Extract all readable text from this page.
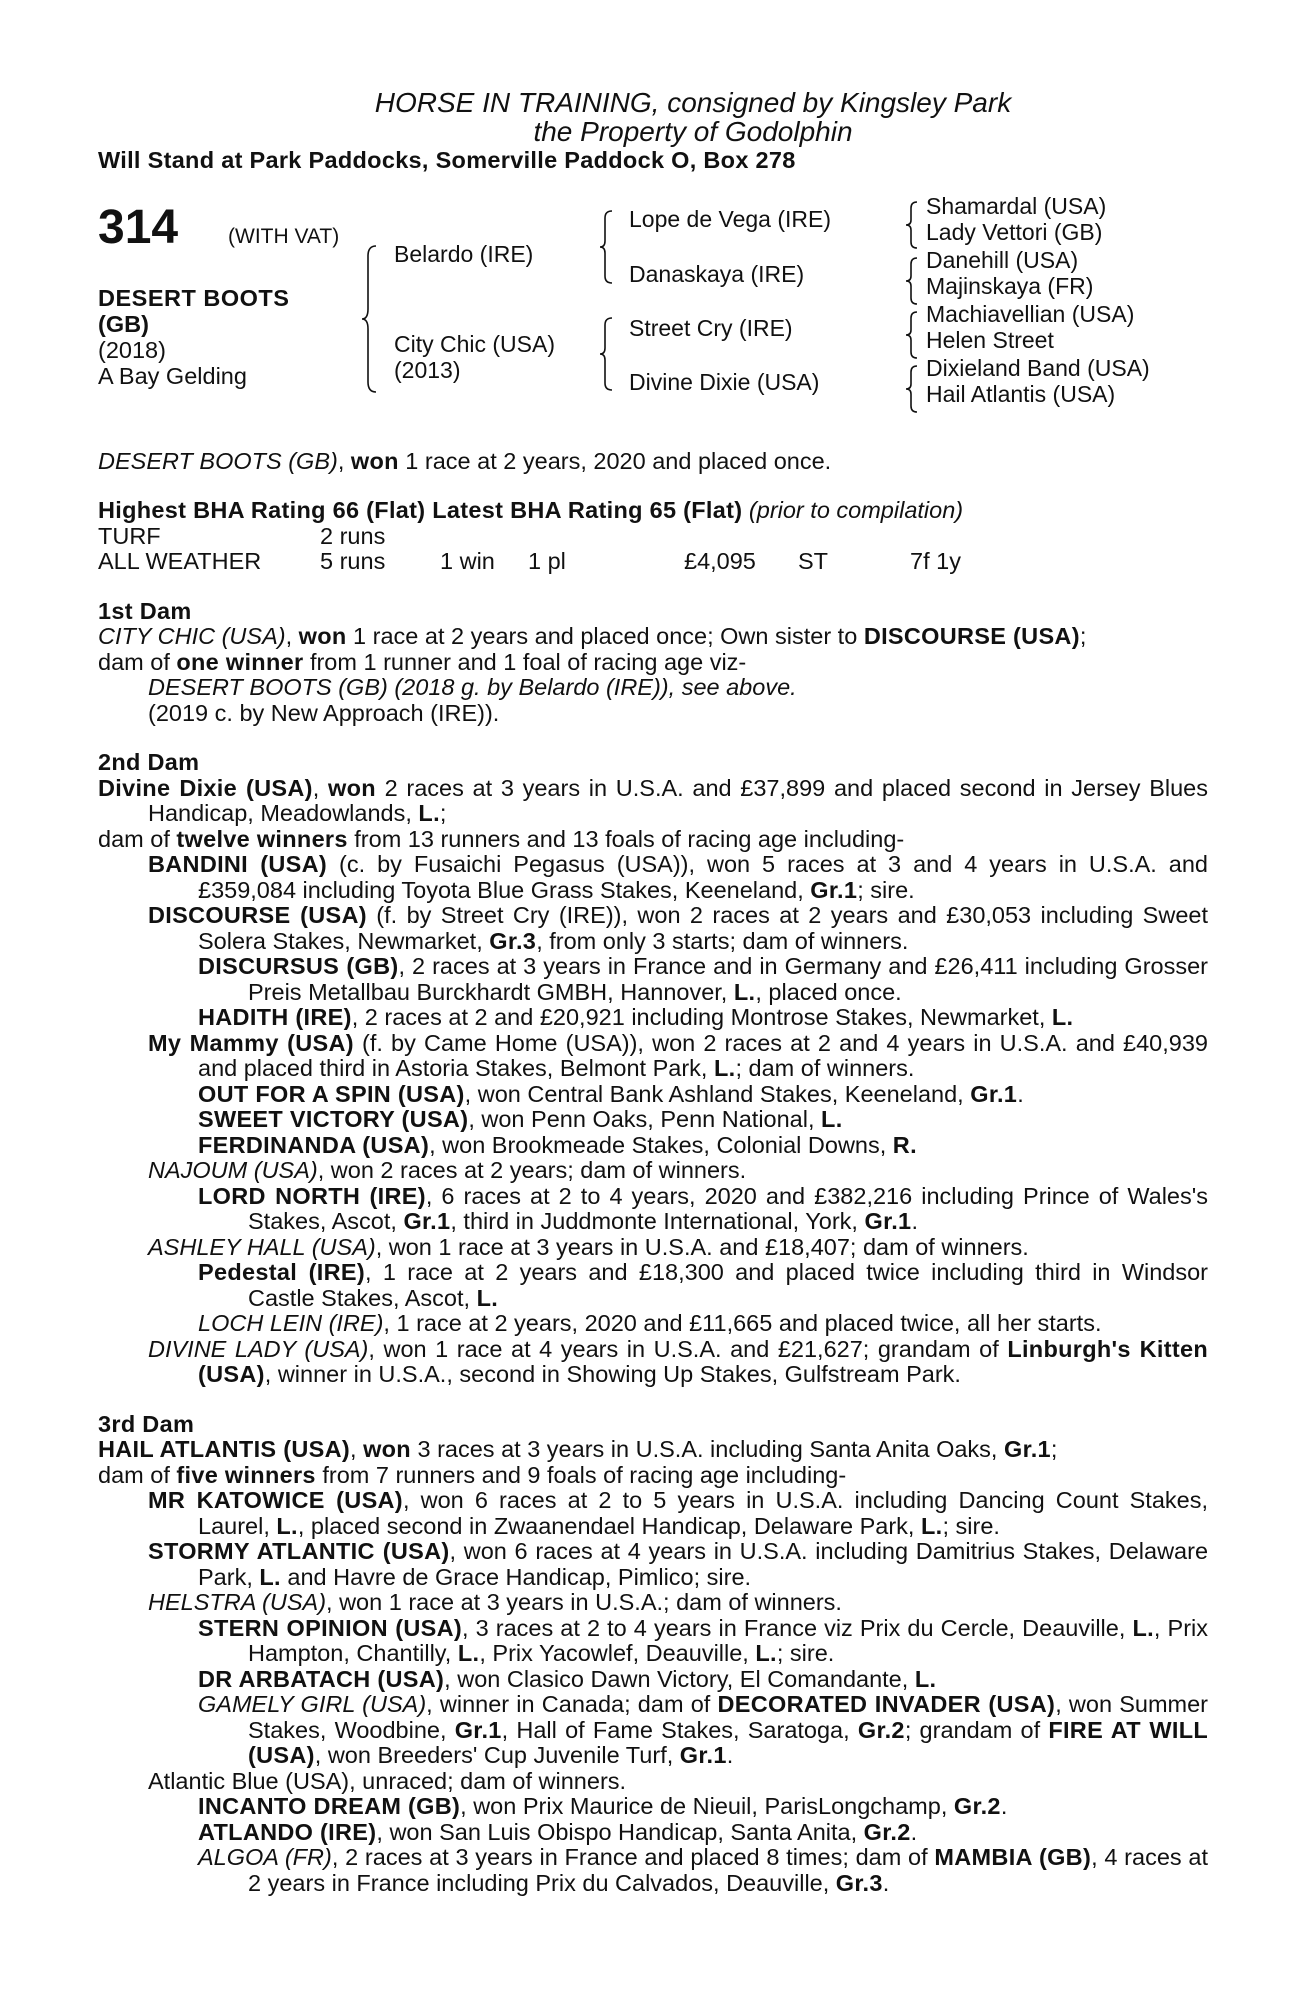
HORSE IN TRAINING, consigned by Kingsley Park
the Property of Godolphin
Will Stand at Park Paddocks, Somerville Paddock O, Box 278
314 (WITH VAT)
DESERT BOOTS
(GB)
(2018)
A Bay Gelding
Belardo (IRE)
City Chic (USA)
(2013)
Lope de Vega (IRE)
Danaskaya (IRE)
Street Cry (IRE)
Divine Dixie (USA)
Shamardal (USA)
Lady Vettori (GB)
Danehill (USA)
Majinskaya (FR)
Machiavellian (USA)
Helen Street
Dixieland Band (USA)
Hail Atlantis (USA)
DESERT BOOTS (GB), won 1 race at 2 years, 2020 and placed once.
Highest BHA Rating 66 (Flat) Latest BHA Rating 65 (Flat) (prior to compilation)
TURF	2 runs
ALL WEATHER	5 runs 1 win 1 pl	£4,095 ST	7f 1y
1st Dam
CITY CHIC (USA), won 1 race at 2 years and placed once; Own sister to DISCOURSE (USA);
dam of one winner from 1 runner and 1 foal of racing age viz-
DESERT BOOTS (GB) (2018 g. by Belardo (IRE)), see above.
(2019 c. by New Approach (IRE)).
2nd Dam
Divine Dixie (USA), won 2 races at 3 years in U.S.A. and £37,899 and placed second in Jersey Blues Handicap, Meadowlands, L.;
dam of twelve winners from 13 runners and 13 foals of racing age including-
BANDINI (USA) (c. by Fusaichi Pegasus (USA)), won 5 races at 3 and 4 years in U.S.A. and £359,084 including Toyota Blue Grass Stakes, Keeneland, Gr.1; sire.
DISCOURSE (USA) (f. by Street Cry (IRE)), won 2 races at 2 years and £30,053 including Sweet Solera Stakes, Newmarket, Gr.3, from only 3 starts; dam of winners.
DISCURSUS (GB), 2 races at 3 years in France and in Germany and £26,411 including Grosser Preis Metallbau Burckhardt GMBH, Hannover, L., placed once.
HADITH (IRE), 2 races at 2 and £20,921 including Montrose Stakes, Newmarket, L.
My Mammy (USA) (f. by Came Home (USA)), won 2 races at 2 and 4 years in U.S.A. and £40,939 and placed third in Astoria Stakes, Belmont Park, L.; dam of winners.
OUT FOR A SPIN (USA), won Central Bank Ashland Stakes, Keeneland, Gr.1.
SWEET VICTORY (USA), won Penn Oaks, Penn National, L.
FERDINANDA (USA), won Brookmeade Stakes, Colonial Downs, R.
NAJOUM (USA), won 2 races at 2 years; dam of winners.
LORD NORTH (IRE), 6 races at 2 to 4 years, 2020 and £382,216 including Prince of Wales's Stakes, Ascot, Gr.1, third in Juddmonte International, York, Gr.1.
ASHLEY HALL (USA), won 1 race at 3 years in U.S.A. and £18,407; dam of winners.
Pedestal (IRE), 1 race at 2 years and £18,300 and placed twice including third in Windsor Castle Stakes, Ascot, L.
LOCH LEIN (IRE), 1 race at 2 years, 2020 and £11,665 and placed twice, all her starts.
DIVINE LADY (USA), won 1 race at 4 years in U.S.A. and £21,627; grandam of Linburgh's Kitten (USA), winner in U.S.A., second in Showing Up Stakes, Gulfstream Park.
3rd Dam
HAIL ATLANTIS (USA), won 3 races at 3 years in U.S.A. including Santa Anita Oaks, Gr.1;
dam of five winners from 7 runners and 9 foals of racing age including-
MR KATOWICE (USA), won 6 races at 2 to 5 years in U.S.A. including Dancing Count Stakes, Laurel, L., placed second in Zwaanendael Handicap, Delaware Park, L.; sire.
STORMY ATLANTIC (USA), won 6 races at 4 years in U.S.A. including Damitrius Stakes, Delaware Park, L. and Havre de Grace Handicap, Pimlico; sire.
HELSTRA (USA), won 1 race at 3 years in U.S.A.; dam of winners.
STERN OPINION (USA), 3 races at 2 to 4 years in France viz Prix du Cercle, Deauville, L., Prix Hampton, Chantilly, L., Prix Yacowlef, Deauville, L.; sire.
DR ARBATACH (USA), won Clasico Dawn Victory, El Comandante, L.
GAMELY GIRL (USA), winner in Canada; dam of DECORATED INVADER (USA), won Summer Stakes, Woodbine, Gr.1, Hall of Fame Stakes, Saratoga, Gr.2; grandam of FIRE AT WILL (USA), won Breeders' Cup Juvenile Turf, Gr.1.
Atlantic Blue (USA), unraced; dam of winners.
INCANTO DREAM (GB), won Prix Maurice de Nieuil, ParisLongchamp, Gr.2.
ATLANDO (IRE), won San Luis Obispo Handicap, Santa Anita, Gr.2.
ALGOA (FR), 2 races at 3 years in France and placed 8 times; dam of MAMBIA (GB), 4 races at 2 years in France including Prix du Calvados, Deauville, Gr.3.
